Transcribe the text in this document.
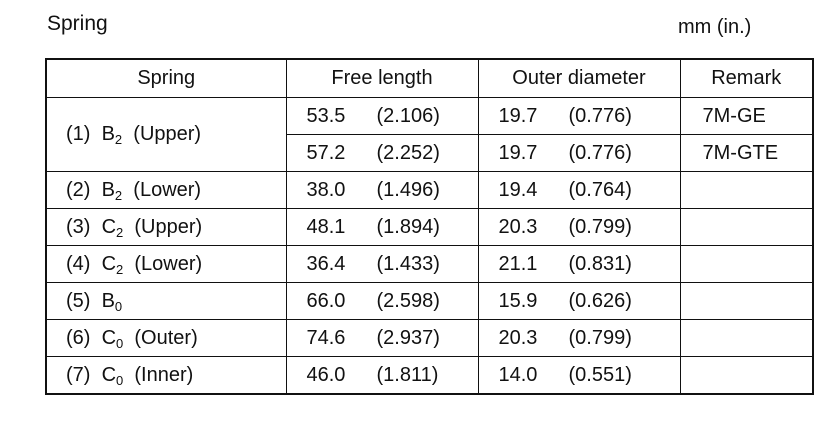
Spring	mm (in.)
Spring	Free length	Outer diameter	Remark
(1) $B_2$ (Upper)	53.5 (2.106)	19.7 (0.776)	7M-GE
	57.2 (2.252)	19.7 (0.776)	7M-GTE
(2) $B_2$ (Lower)	38.0 (1.496)	19.4 (0.764)	
(3) $C_2$ (Upper)	48.1 (1.894)	20.3 (0.799)	
(4) $C_2$ (Lower)	36.4 (1.433)	21.1 (0.831)	
(5) $B_0$	66.0 (2.598)	15.9 (0.626)	
(6) $C_0$ (Outer)	74.6 (2.937)	20.3 (0.799)	
(7) $C_0$ (Inner)	46.0 (1.811)	14.0 (0.551)	
